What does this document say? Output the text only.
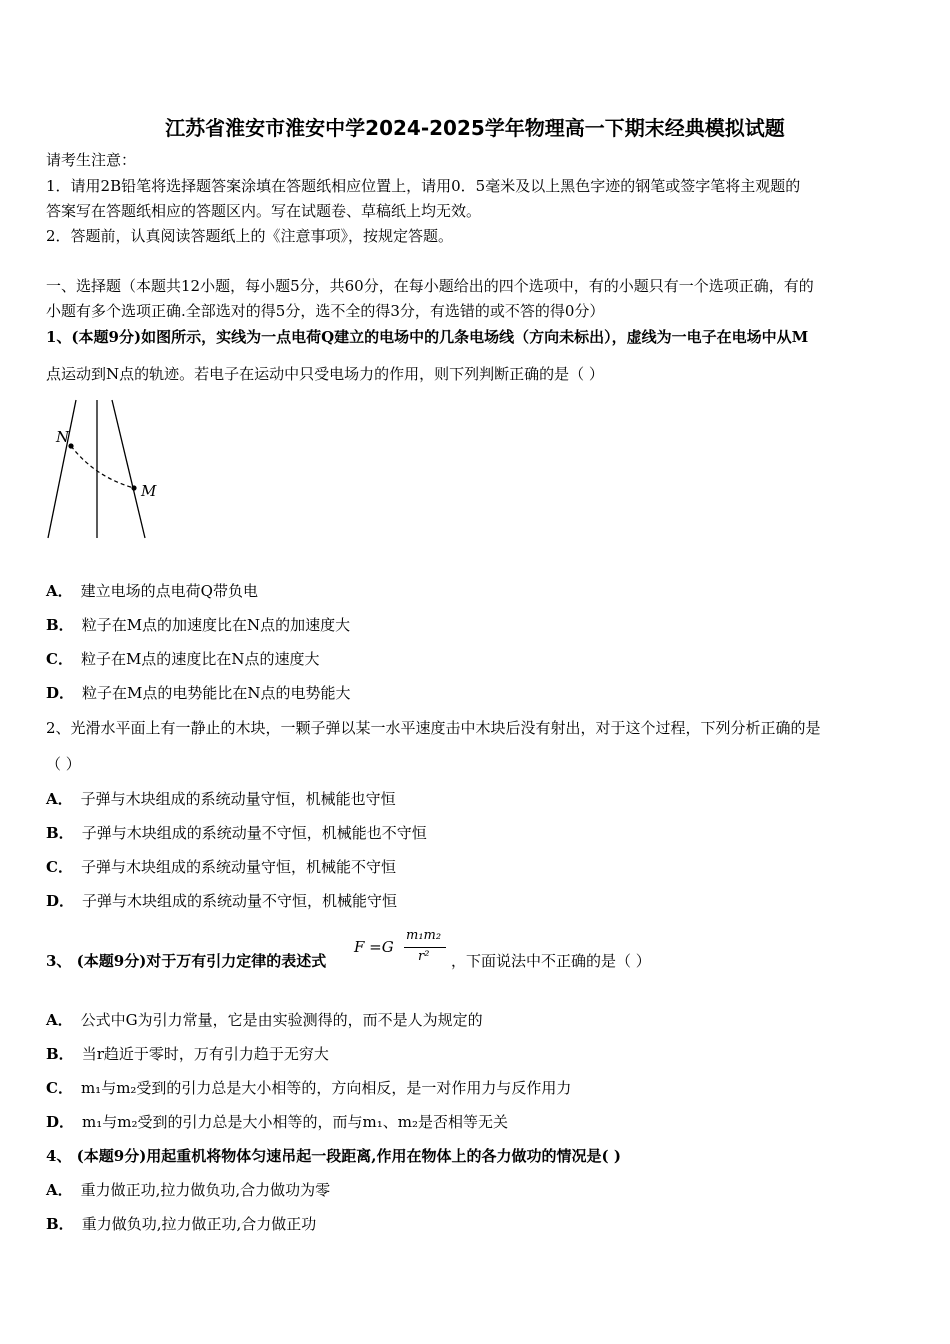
江苏省淮安市淮安中学2024-2025学年物理高一下期末经典模拟试题
请考生注意：
1．请用2B铅笔将选择题答案涂填在答题纸相应位置上，请用0．5毫米及以上黑色字迹的钢笔或签字笔将主观题的
答案写在答题纸相应的答题区内。写在试题卷、草稿纸上均无效。
2．答题前，认真阅读答题纸上的《注意事项》，按规定答题。
一、选择题（本题共12小题，每小题5分，共60分，在每小题给出的四个选项中，有的小题只有一个选项正确，有的
小题有多个选项正确.全部选对的得5分，选不全的得3分，有选错的或不答的得0分）
1、(本题9分)如图所示，实线为一点电荷Q建立的电场中的几条电场线（方向未标出），虚线为一电子在电场中从M
点运动到N点的轨迹。若电子在运动中只受电场力的作用，则下列判断正确的是（ ）
N
M
A． 建立电场的点电荷Q带负电
B． 粒子在M点的加速度比在N点的加速度大
C． 粒子在M点的速度比在N点的速度大
D． 粒子在M点的电势能比在N点的电势能大
2、光滑水平面上有一静止的木块，一颗子弹以某一水平速度击中木块后没有射出，对于这个过程，下列分析正确的是
（ ）
A． 子弹与木块组成的系统动量守恒，机械能也守恒
B． 子弹与木块组成的系统动量不守恒，机械能也不守恒
C． 子弹与木块组成的系统动量守恒，机械能不守恒
D． 子弹与木块组成的系统动量不守恒，机械能守恒
3、 (本题9分)对于万有引力定律的表述式
F =G
m₁m₂
r² ，下面说法中不正确的是（ ）
A． 公式中G为引力常量，它是由实验测得的，而不是人为规定的
B． 当r趋近于零时，万有引力趋于无穷大
C． m₁与m₂受到的引力总是大小相等的，方向相反，是一对作用力与反作用力
D． m₁与m₂受到的引力总是大小相等的，而与m₁、m₂是否相等无关
4、 (本题9分)用起重机将物体匀速吊起一段距离,作用在物体上的各力做功的情况是( )
A． 重力做正功,拉力做负功,合力做功为零
B． 重力做负功,拉力做正功,合力做正功
